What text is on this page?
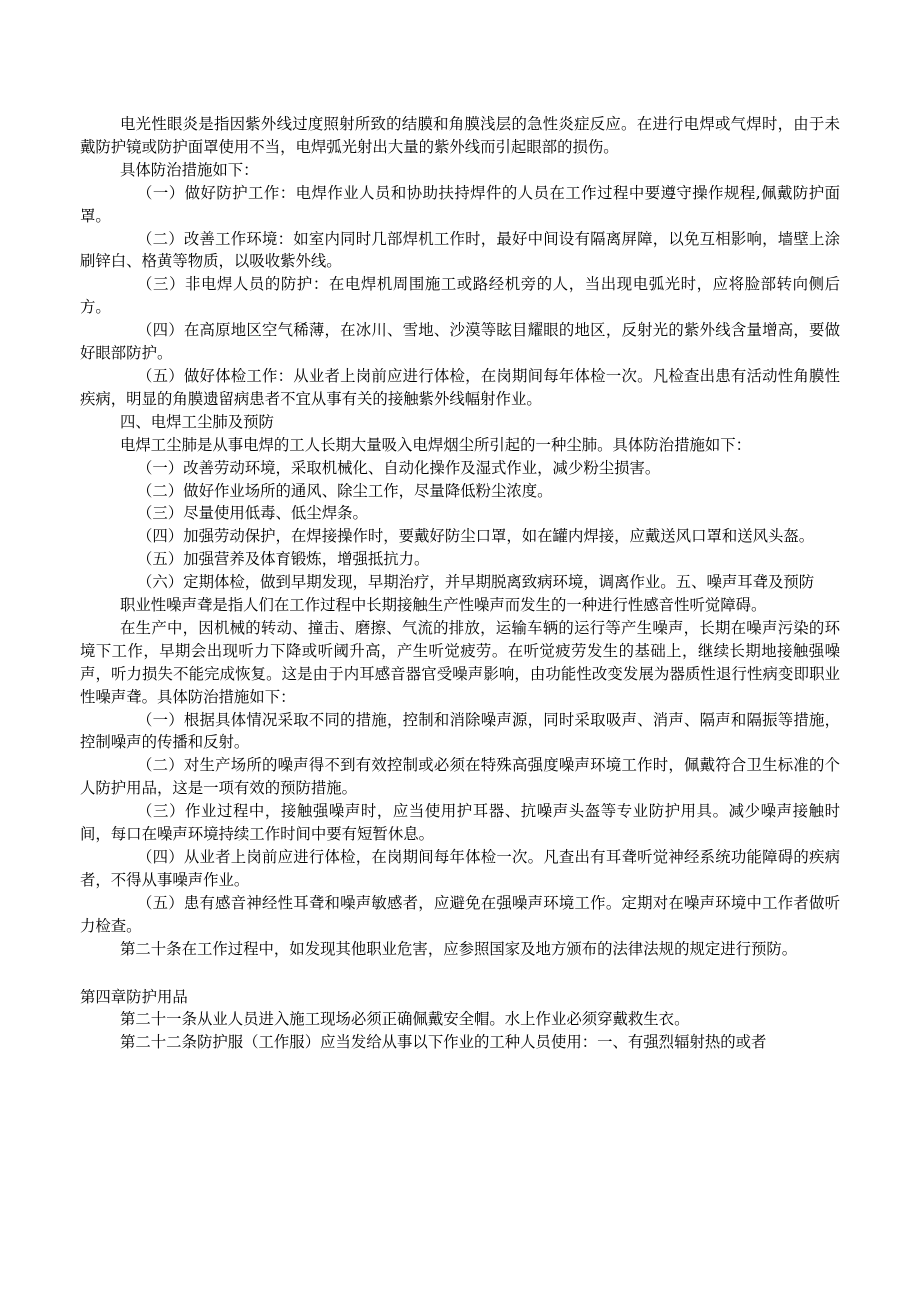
电光性眼炎是指因紫外线过度照射所致的结膜和角膜浅层的急性炎症反应。在进行电焊或气焊时，由于未戴防护镜或防护面罩使用不当，电焊弧光射出大量的紫外线而引起眼部的损伤。

具体防治措施如下：

（一）做好防护工作：电焊作业人员和协助扶持焊件的人员在工作过程中要遵守操作规程,佩戴防护面罩。

（二）改善工作环境：如室内同时几部焊机工作时，最好中间设有隔离屏障，以免互相影响，墙壁上涂刷锌白、格黄等物质，以吸收紫外线。

（三）非电焊人员的防护：在电焊机周围施工或路经机旁的人，当出现电弧光时，应将脸部转向侧后方。

（四）在高原地区空气稀薄，在冰川、雪地、沙漠等眩目耀眼的地区，反射光的紫外线含量增高，要做好眼部防护。

（五）做好体检工作：从业者上岗前应进行体检，在岗期间每年体检一次。凡检查出患有活动性角膜性疾病，明显的角膜遗留病患者不宜从事有关的接触紫外线幅射作业。

四、电焊工尘肺及预防

电焊工尘肺是从事电焊的工人长期大量吸入电焊烟尘所引起的一种尘肺。具体防治措施如下：

（一）改善劳动环境，采取机械化、自动化操作及湿式作业，减少粉尘损害。

（二）做好作业场所的通风、除尘工作，尽量降低粉尘浓度。

（三）尽量使用低毒、低尘焊条。

（四）加强劳动保护，在焊接操作时，要戴好防尘口罩，如在罐内焊接，应戴送风口罩和送风头盔。

（五）加强营养及体育锻炼，增强抵抗力。

（六）定期体检，做到早期发现，早期治疗，并早期脱离致病环境，调离作业。五、噪声耳聋及预防

职业性噪声聋是指人们在工作过程中长期接触生产性噪声而发生的一种进行性感音性听觉障碍。

在生产中，因机械的转动、撞击、磨擦、气流的排放，运输车辆的运行等产生噪声，长期在噪声污染的环境下工作，早期会出现听力下降或听阈升高，产生听觉疲劳。在听觉疲劳发生的基础上，继续长期地接触强噪声，听力损失不能完成恢复。这是由于内耳感音器官受噪声影响，由功能性改变发展为器质性退行性病变即职业性噪声聋。具体防治措施如下：

（一）根据具体情况采取不同的措施，控制和消除噪声源，同时采取吸声、消声、隔声和隔振等措施，控制噪声的传播和反射。

（二）对生产场所的噪声得不到有效控制或必须在特殊高强度噪声环境工作时，佩戴符合卫生标准的个人防护用品，这是一项有效的预防措施。

（三）作业过程中，接触强噪声时，应当使用护耳器、抗噪声头盔等专业防护用具。减少噪声接触时间，每口在噪声环境持续工作时间中要有短暂休息。

（四）从业者上岗前应进行体检，在岗期间每年体检一次。凡查出有耳聋听觉神经系统功能障碍的疾病者，不得从事噪声作业。

（五）患有感音神经性耳聋和噪声敏感者，应避免在强噪声环境工作。定期对在噪声环境中工作者做听力检查。

第二十条在工作过程中，如发现其他职业危害，应参照国家及地方颁布的法律法规的规定进行预防。

第四章防护用品

第二十一条从业人员进入施工现场必须正确佩戴安全帽。水上作业必须穿戴救生衣。

第二十二条防护服（工作服）应当发给从事以下作业的工种人员使用：一、有强烈辐射热的或者
